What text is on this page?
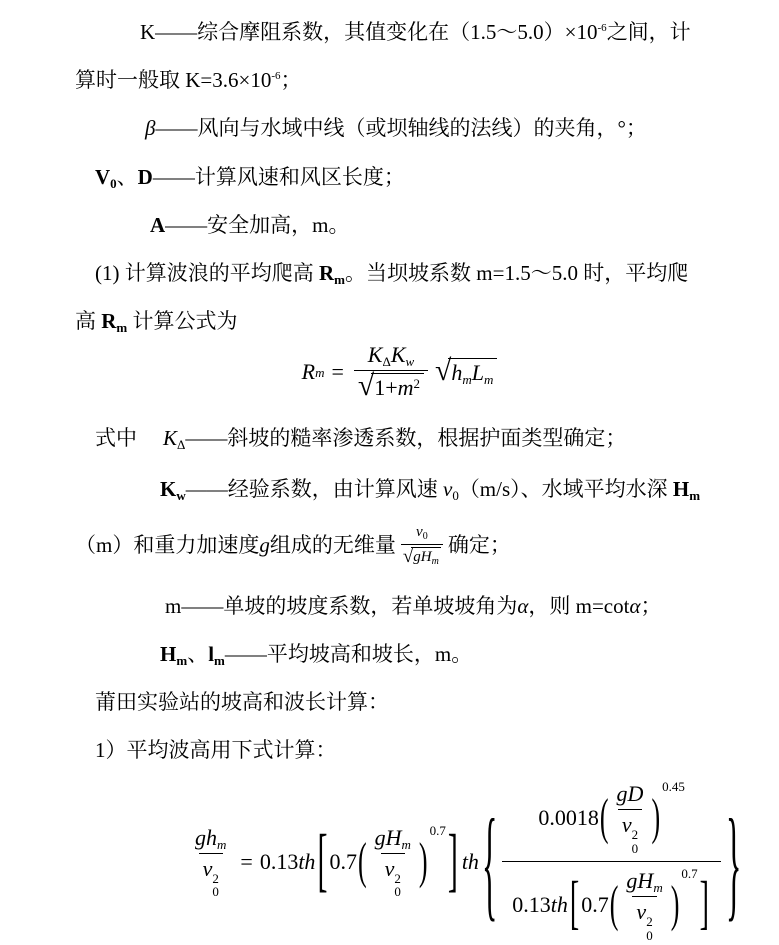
K——综合摩阻系数，其值变化在$(1.5\sim 5.0)\times 10^{-6}$之间，计
算时一般取 $K=3.6\times 10^{-6}$；
β——风向与水域中线（或坝轴线的法线）的夹角，°；
$V_0$、D——计算风速和风区长度；
A——安全加高，m。
(1) 计算波浪的平均爬高 $R_m$。当坝坡系数 m=1.5～5.0 时，平均爬
高 $R_m$ 计算公式为
R $m = \frac{K_\Delta K_w}{√ 1+m^2}$ √ $h_mL_m$
式中 $K_\Delta——$斜坡的糙率渗透系数，根据护面类型确定；
$K_w——$经验系数，由计算风速 $v_0(m/s)$、水域平均水深 $H_m$
（m）和重力加速度 g 组成的无维量
$v_0$
√ $gH_m$
确定；
m——单坡的坡度系数，若单坡坡角为α，则 m=cotα；
$H_m$、$l_m——$平均坡高和坡长，m。
莆田实验站的坡高和波长计算：
1）平均波高用下式计算：
$gh_m$
v 2
0 = 0.13 th [ 0.7 ( $gH_m$
v 2
0 )
0.7 ] th { 0.0018 ( gD
v 2
0 )
0.45
0.13 th [ 0.7 ( $gH_m$
v 2
0 )
0.7 ] }
